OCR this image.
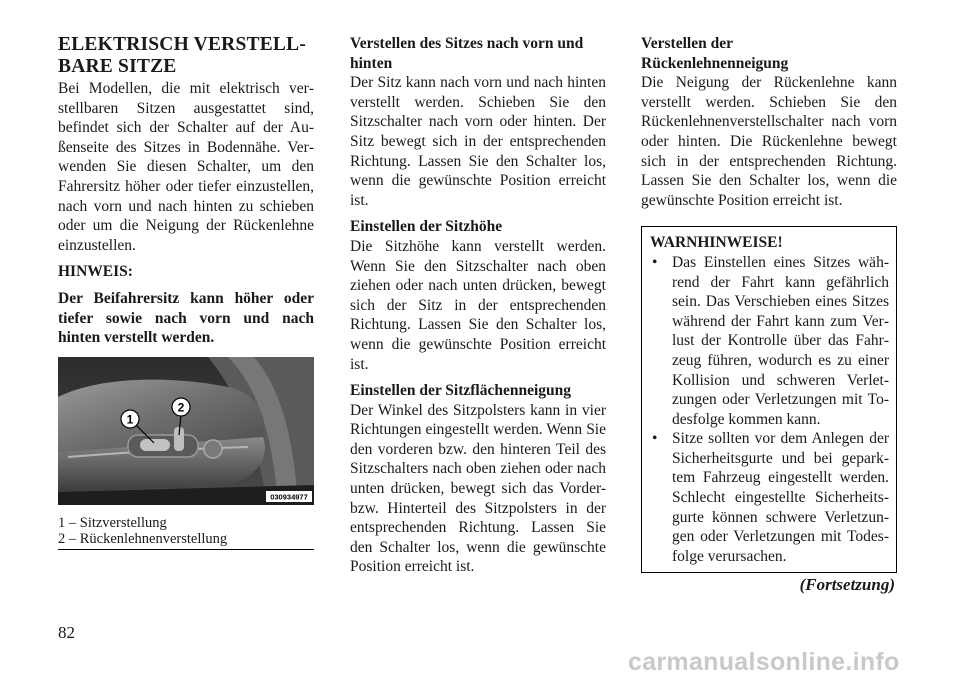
ELEKTRISCH VERSTELL-
BARE SITZE

Bei Modellen, die mit elektrisch verstellbaren Sitzen ausgestattet sind, befindet sich der Schalter auf der Außenseite des Sitzes in Bodennähe. Verwenden Sie diesen Schalter, um den Fahrersitz höher oder tiefer einzustellen, nach vorn und nach hinten zu schieben oder um die Neigung der Rückenlehne einzustellen.

HINWEIS:

Der Beifahrersitz kann höher oder tiefer sowie nach vorn und nach hinten verstellt werden.

1
2
030934977
1 – Sitzverstellung
2 – Rückenlehnenverstellung
Verstellen des Sitzes nach vorn und hinten

Der Sitz kann nach vorn und nach hinten verstellt werden. Schieben Sie den Sitzschalter nach vorn oder hinten. Der Sitz bewegt sich in der entsprechenden Richtung. Lassen Sie den Schalter los, wenn die gewünschte Position erreicht ist.

Einstellen der Sitzhöhe

Die Sitzhöhe kann verstellt werden. Wenn Sie den Sitzschalter nach oben ziehen oder nach unten drücken, bewegt sich der Sitz in der entsprechenden Richtung. Lassen Sie den Schalter los, wenn die gewünschte Position erreicht ist.

Einstellen der Sitzflächenneigung

Der Winkel des Sitzpolsters kann in vier Richtungen eingestellt werden. Wenn Sie den vorderen bzw. den hinteren Teil des Sitzschalters nach oben ziehen oder nach unten drücken, bewegt sich das Vorder- bzw. Hinterteil des Sitzpolsters in der entsprechenden Richtung. Lassen Sie den Schalter los, wenn die gewünschte Position erreicht ist.

Verstellen der Rückenlehnenneigung

Die Neigung der Rückenlehne kann verstellt werden. Schieben Sie den Rückenlehnenverstellschalter nach vorn oder hinten. Die Rückenlehne bewegt sich in der entsprechenden Richtung. Lassen Sie den Schalter los, wenn die gewünschte Position erreicht ist.

WARNHINWEISE!
• Das Einstellen eines Sitzes während der Fahrt kann gefährlich sein. Das Verschieben eines Sitzes während der Fahrt kann zum Verlust der Kontrolle über das Fahrzeug führen, wodurch es zu einer Kollision und schweren Verletzungen oder Verletzungen mit Todesfolge kommen kann.
• Sitze sollten vor dem Anlegen der Sicherheitsgurte und bei geparktem Fahrzeug eingestellt werden. Schlecht eingestellte Sicherheitsgurte können schwere Verletzungen oder Verletzungen mit Todesfolge verursachen.
(Fortsetzung)
82
carmanualsonline.info
